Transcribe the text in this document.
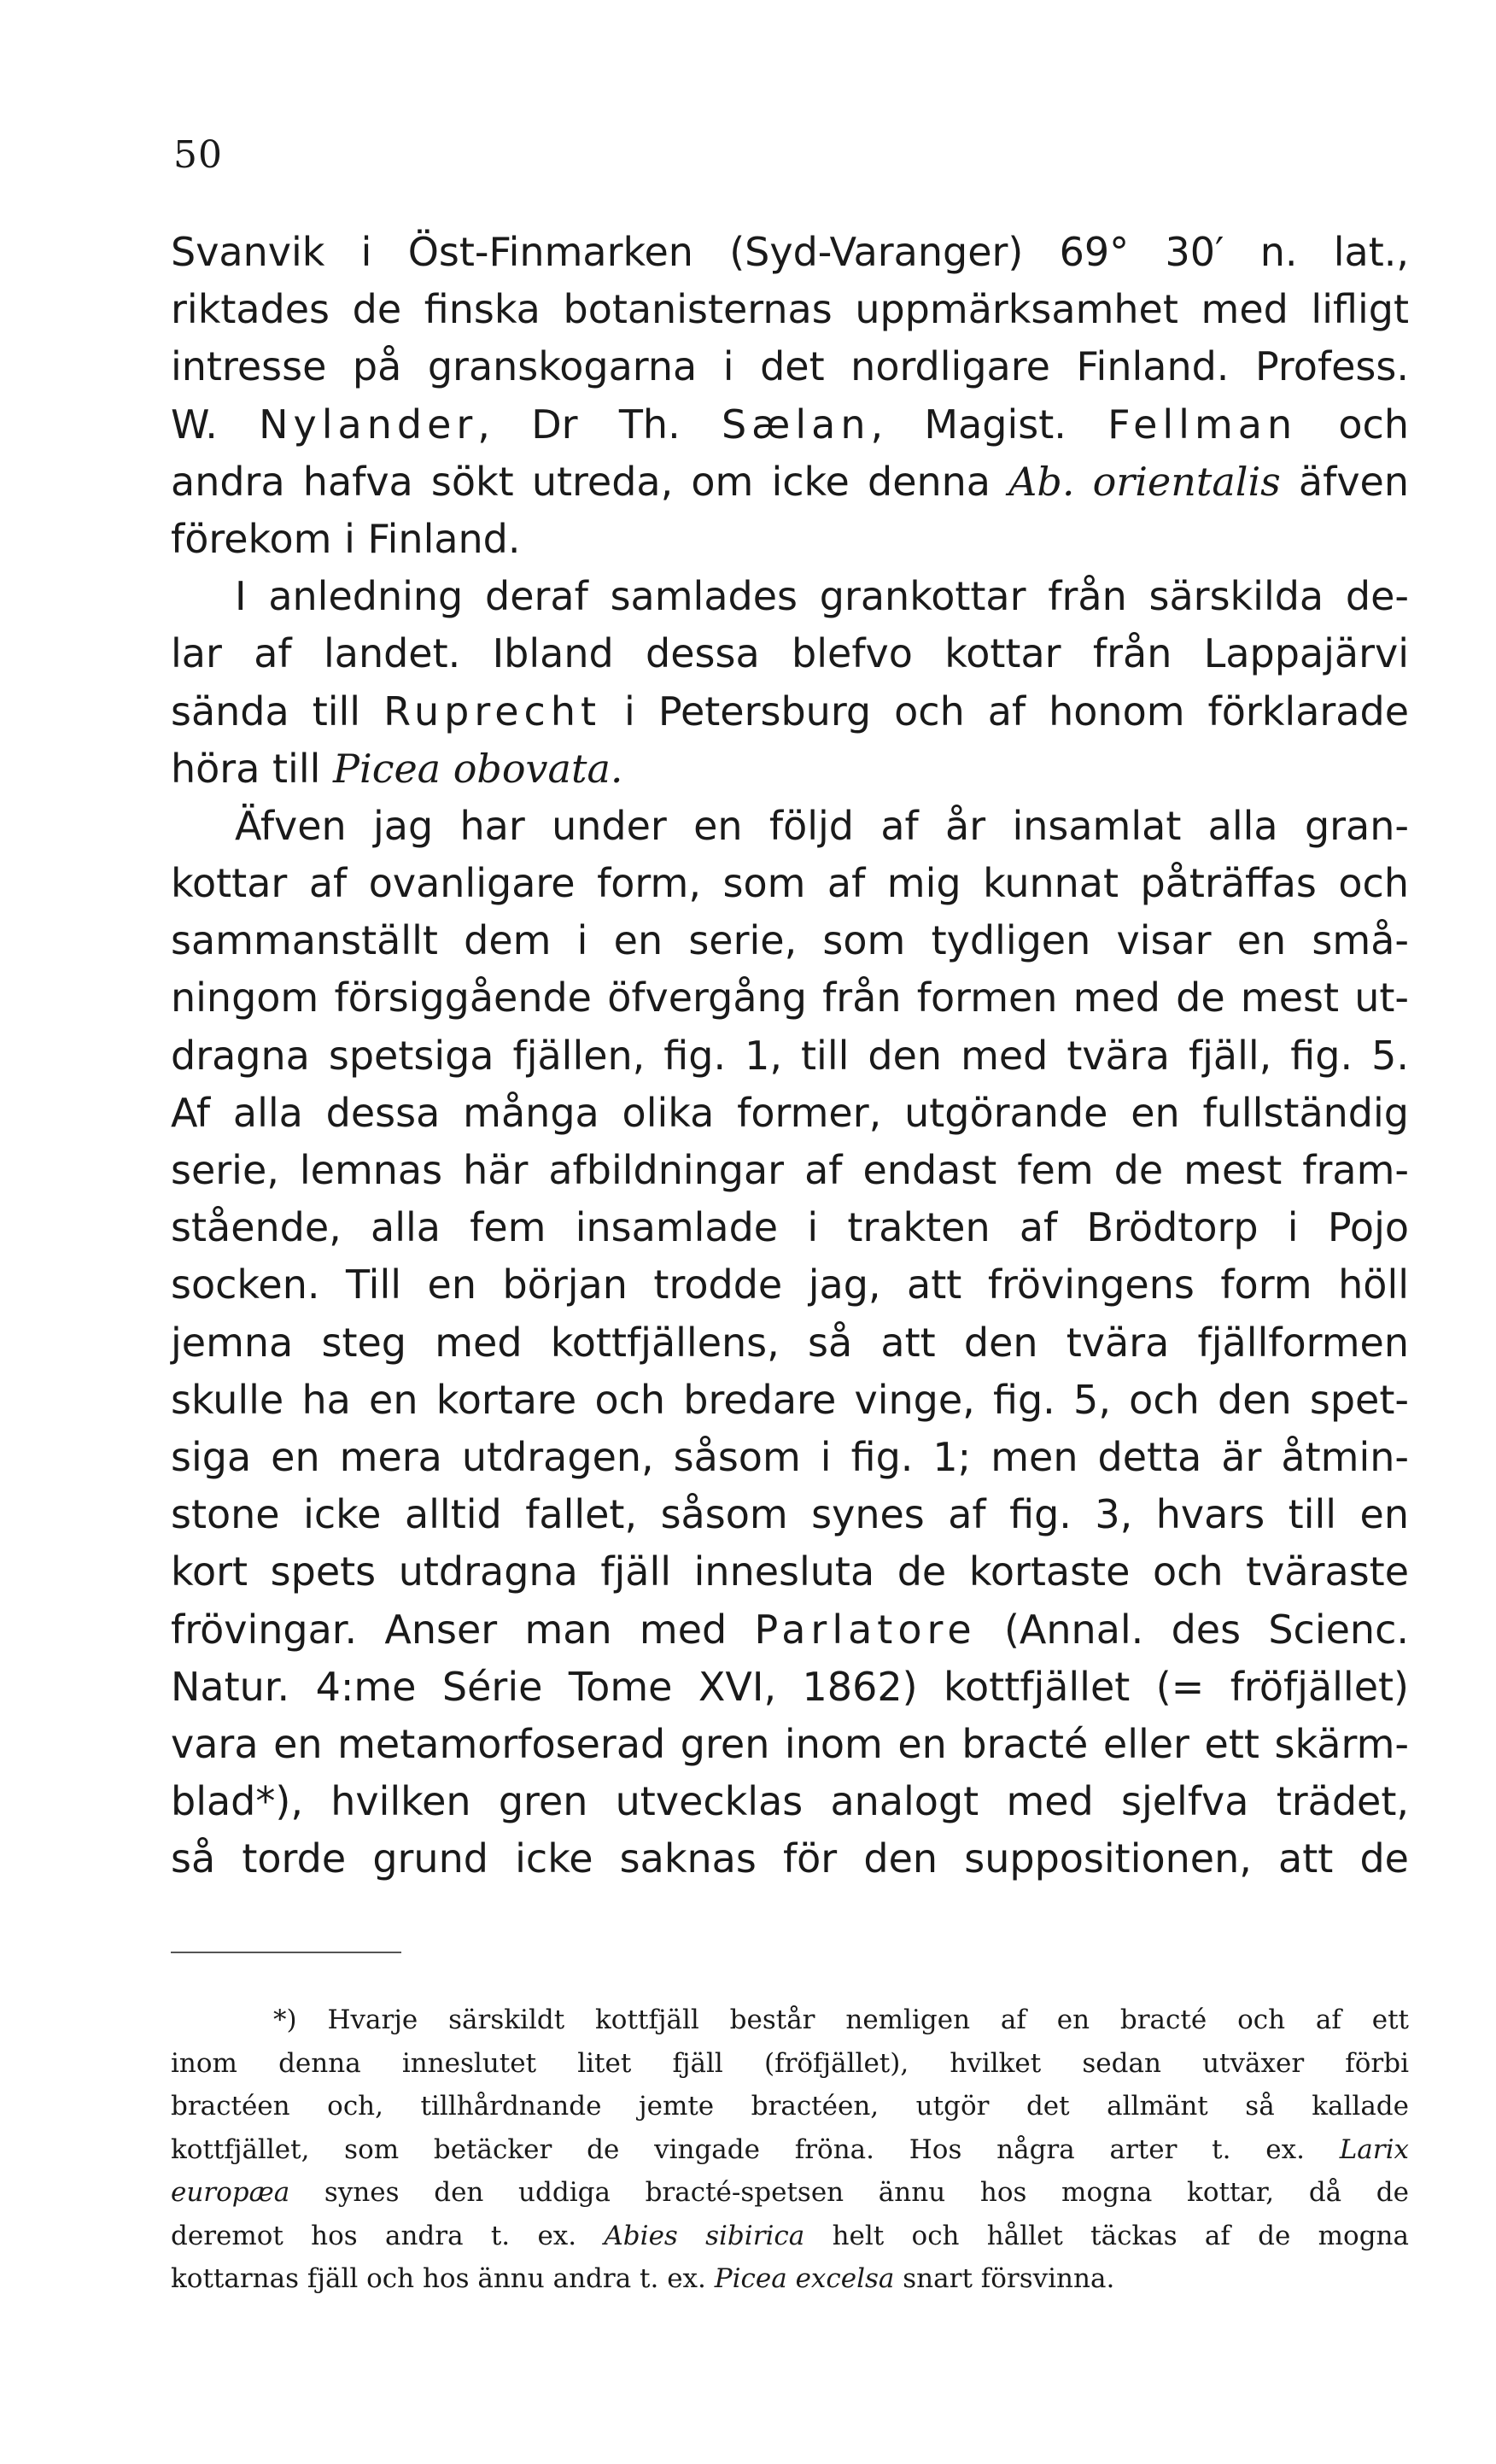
50
Svanvik i Öst-Finmarken (Syd-Varanger) 69° 30′ n. lat.,
riktades de finska botanisternas uppmärksamhet med lifligt
intresse på granskogarna i det nordligare Finland. Profess.
W. Nylander, Dr Th. Sælan, Magist. Fellman och
andra hafva sökt utreda, om icke denna Ab. orientalis äfven
förekom i Finland.
I anledning deraf samlades grankottar från särskilda de-
lar af landet. Ibland dessa blefvo kottar från Lappajärvi
sända till Ruprecht i Petersburg och af honom förklarade
höra till Picea obovata.
Äfven jag har under en följd af år insamlat alla gran-
kottar af ovanligare form, som af mig kunnat påträffas och
sammanställt dem i en serie, som tydligen visar en små-
ningom försiggående öfvergång från formen med de mest ut-
dragna spetsiga fjällen, fig. 1, till den med tvära fjäll, fig. 5.
Af alla dessa många olika former, utgörande en fullständig
serie, lemnas här afbildningar af endast fem de mest fram-
stående, alla fem insamlade i trakten af Brödtorp i Pojo
socken. Till en början trodde jag, att frövingens form höll
jemna steg med kottfjällens, så att den tvära fjällformen
skulle ha en kortare och bredare vinge, fig. 5, och den spet-
siga en mera utdragen, såsom i fig. 1; men detta är åtmin-
stone icke alltid fallet, såsom synes af fig. 3, hvars till en
kort spets utdragna fjäll innesluta de kortaste och tväraste
frövingar. Anser man med Parlatore (Annal. des Scienc.
Natur. 4:me Série Tome XVI, 1862) kottfjället (= fröfjället)
vara en metamorfoserad gren inom en bracté eller ett skärm-
blad*), hvilken gren utvecklas analogt med sjelfva trädet,
så torde grund icke saknas för den suppositionen, att de
*) Hvarje särskildt kottfjäll består nemligen af en bracté och af ett
inom denna inneslutet litet fjäll (fröfjället), hvilket sedan utväxer förbi
bractéen och, tillhårdnande jemte bractéen, utgör det allmänt så kallade
kottfjället, som betäcker de vingade fröna. Hos några arter t. ex. Larix
europæa synes den uddiga bracté-spetsen ännu hos mogna kottar, då de
deremot hos andra t. ex. Abies sibirica helt och hållet täckas af de mogna
kottarnas fjäll och hos ännu andra t. ex. Picea excelsa snart försvinna.
